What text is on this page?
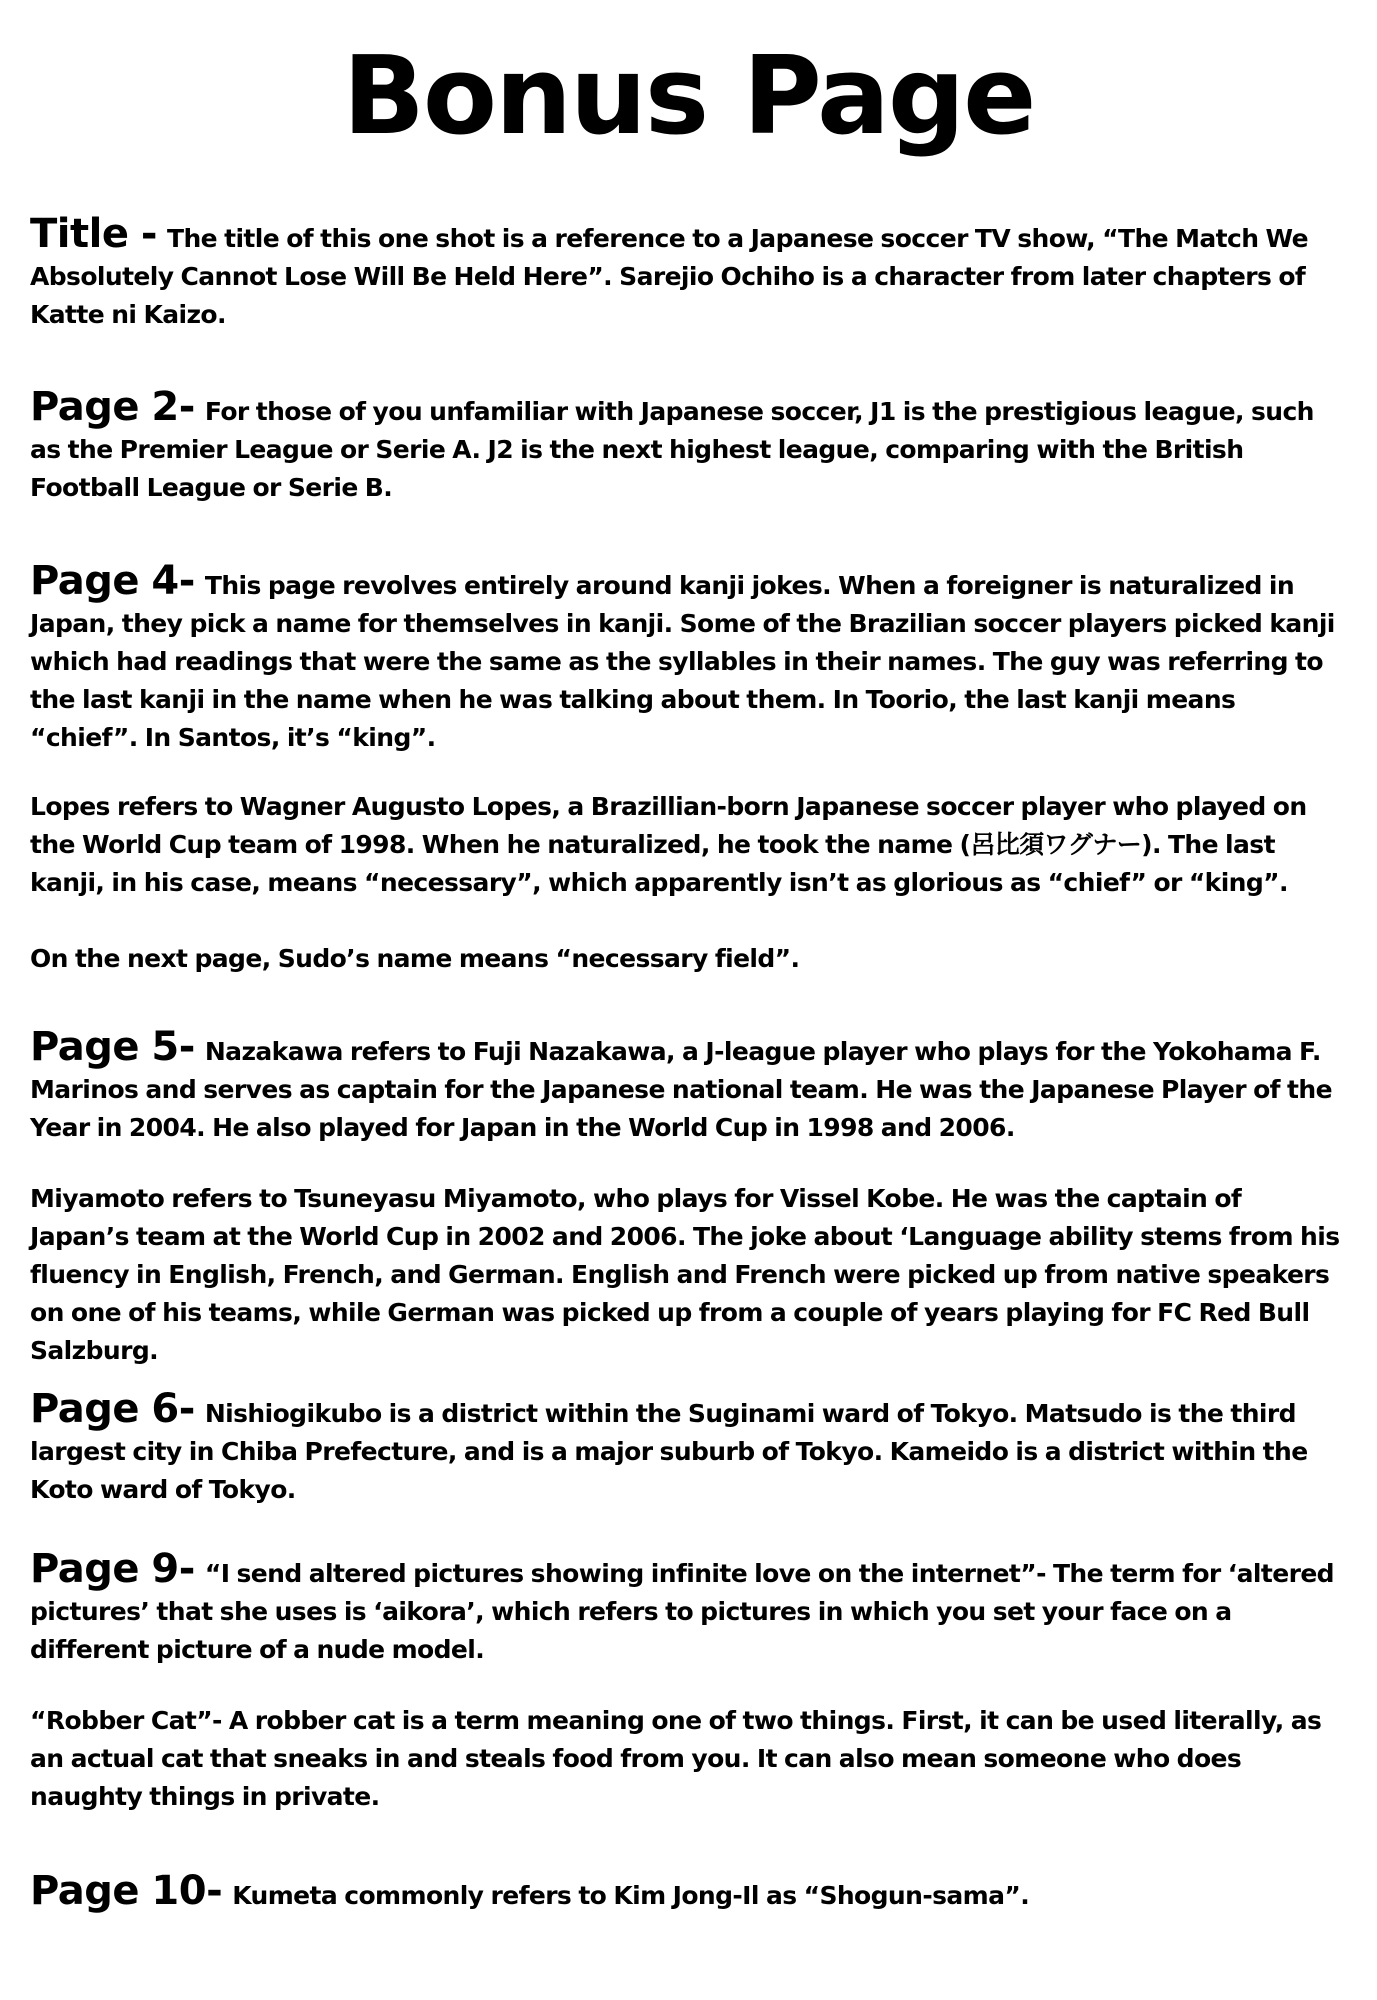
Bonus Page

Title - The title of this one shot is a reference to a Japanese soccer TV show, “The Match We Absolutely Cannot Lose Will Be Held Here”. Sarejio Ochiho is a character from later chapters of Katte ni Kaizo.

Page 2- For those of you unfamiliar with Japanese soccer, J1 is the prestigious league, such as the Premier League or Serie A. J2 is the next highest league, comparing with the British Football League or Serie B.

Page 4- This page revolves entirely around kanji jokes. When a foreigner is naturalized in Japan, they pick a name for themselves in kanji. Some of the Brazilian soccer players picked kanji which had readings that were the same as the syllables in their names. The guy was referring to the last kanji in the name when he was talking about them. In Toorio, the last kanji means “chief”. In Santos, it’s “king”.

Lopes refers to Wagner Augusto Lopes, a Brazillian-born Japanese soccer player who played on the World Cup team of 1998. When he naturalized, he took the name (呂比須ワグナー). The last kanji, in his case, means “necessary”, which apparently isn’t as glorious as “chief” or “king”.

On the next page, Sudo’s name means “necessary field”.

Page 5- Nazakawa refers to Fuji Nazakawa, a J-league player who plays for the Yokohama F. Marinos and serves as captain for the Japanese national team. He was the Japanese Player of the Year in 2004. He also played for Japan in the World Cup in 1998 and 2006.

Miyamoto refers to Tsuneyasu Miyamoto, who plays for Vissel Kobe. He was the captain of Japan’s team at the World Cup in 2002 and 2006. The joke about ‘Language ability stems from his fluency in English, French, and German. English and French were picked up from native speakers on one of his teams, while German was picked up from a couple of years playing for FC Red Bull Salzburg.

Page 6- Nishiogikubo is a district within the Suginami ward of Tokyo. Matsudo is the third largest city in Chiba Prefecture, and is a major suburb of Tokyo. Kameido is a district within the Koto ward of Tokyo.

Page 9- “I send altered pictures showing infinite love on the internet”- The term for ‘altered pictures’ that she uses is ‘aikora’, which refers to pictures in which you set your face on a different picture of a nude model.

“Robber Cat”- A robber cat is a term meaning one of two things. First, it can be used literally, as an actual cat that sneaks in and steals food from you. It can also mean someone who does naughty things in private.

Page 10- Kumeta commonly refers to Kim Jong-Il as “Shogun-sama”.
